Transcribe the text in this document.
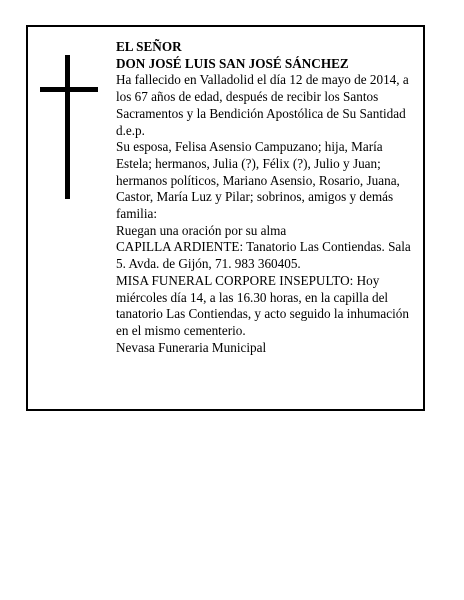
EL SEÑOR

DON JOSÉ LUIS SAN JOSÉ SÁNCHEZ

Ha fallecido en Valladolid el día 12 de mayo de 2014, a los 67 años de edad, después de recibir los Santos Sacramentos y la Bendición Apostólica de Su Santidad d.e.p.

Su esposa, Felisa Asensio Campuzano; hija, María Estela; hermanos, Julia (?), Félix (?), Julio y Juan; hermanos políticos, Mariano Asensio, Rosario, Juana, Castor, María Luz y Pilar; sobrinos, amigos y demás familia:

Ruegan una oración por su alma

CAPILLA ARDIENTE: Tanatorio Las Contiendas. Sala 5. Avda. de Gijón, 71. 983 360405.

MISA FUNERAL CORPORE INSEPULTO: Hoy miércoles día 14, a las 16.30 horas, en la capilla del tanatorio Las Contiendas, y acto seguido la inhumación en el mismo cementerio.

Nevasa Funeraria Municipal
